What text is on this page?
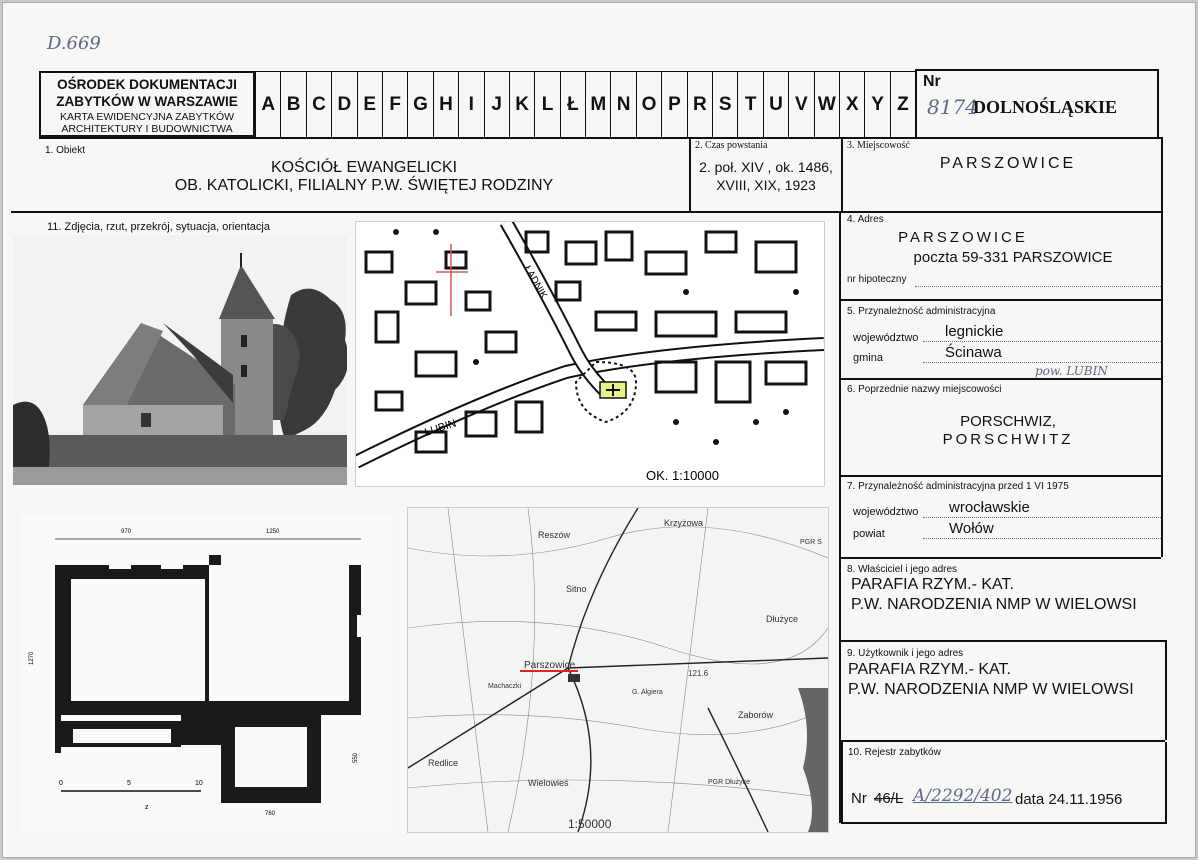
D.669
OŚRODEK DOKUMENTACJI
ZABYTKÓW W WARSZAWIE
KARTA EWIDENCYJNA ZABYTKÓW
ARCHITEKTURY I BUDOWNICTWA
A B C D E F G H I J K L Ł M N O P R S T U V W X Y Z
Nr
8174
DOLNOŚLĄSKIE
1. Obiekt
KOŚCIÓŁ EWANGELICKI
OB. KATOLICKI, FILIALNY P.W. ŚWIĘTEJ RODZINY
2. Czas powstania
2. poł. XIV , ok. 1486,
XVIII, XIX, 1923
3. Miejscowość
PARSZOWICE
4. Adres
PARSZOWICE
poczta 59-331 PARSZOWICE
nr hipoteczny
5. Przynależność administracyjna
województwo legnickie
gmina	Ścinawa
pow. LUBIN
6. Poprzednie nazwy miejscowości
PORSCHWIZ,
PORSCHWITZ
7. Przynależność administracyjna przed 1 VI 1975
województwo wrocławskie
powiat	Wołów
8. Właściciel i jego adres
PARAFIA RZYM.- KAT.
P.W. NARODZENIA NMP W WIELOWSI
9. Użytkownik i jego adres
PARAFIA RZYM.- KAT.
P.W. NARODZENIA NMP W WIELOWSI
10. Rejestr zabytków
Nr 46/L A/2292/402 data 24.11.1956
11. Zdjęcia, rzut, przekrój, sytuacja, orientacja
LUBIN
ŁADNIK
OK. 1:10000
970	1250
1270
550
760
0	5	10
z
Reszów
Krzyżowa
Sitno
Dłużyce
Parszowice
Machaczki
G. Algiera
Zaborów
Redlice
Wielowieś	PGR Dłużyce
PGR S
121.6
1:50000
